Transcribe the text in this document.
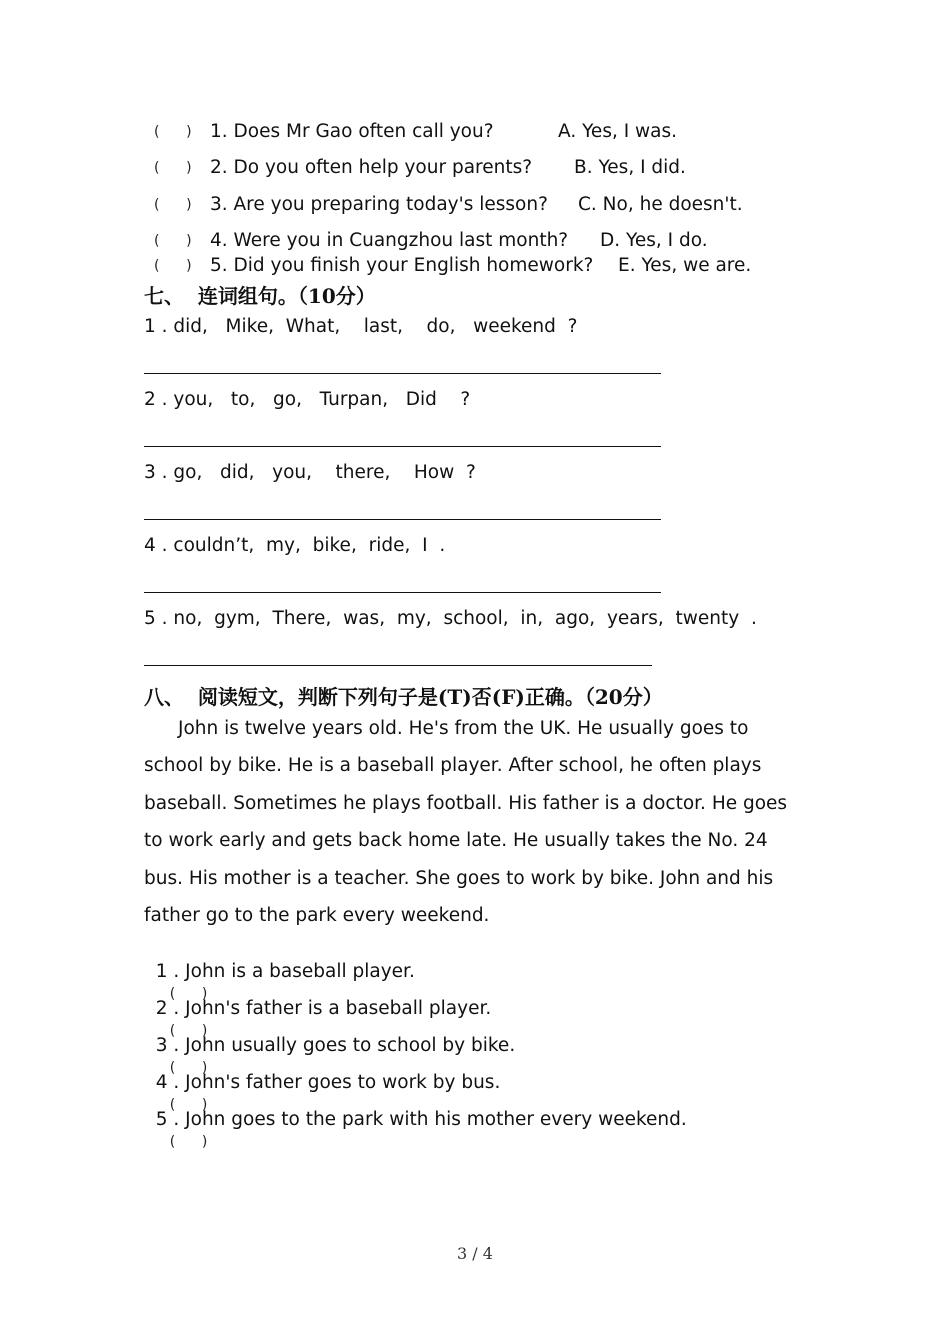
(      )

1. Does Mr Gao often call you?

	A. Yes, I was.

(      )

2. Do you often help your parents?

B. Yes, I did.

(      )

3. Are you preparing today's lesson?

C. No, he doesn't.

(      )

4. Were you in Cuangzhou last month?

D. Yes, I do.

(      )

5. Did you finish your English homework?

E. Yes, we are.

七、  连词组句。（10分）
1 . did,   Mike,  What,    last,    do,   weekend  ?
2 . you,   to,   go,   Turpan,   Did    ?
3 . go,   did,   you,    there,    How  ?
4 . couldn’t,  my,  bike,  ride,  I  .
5 . no,  gym,  There,  was,  my,  school,  in,  ago,  years,  twenty  .
八、  阅读短文，判断下列句子是(T)否(F)正确。（20分）
John is twelve years old. He's from the UK. He usually goes to school by bike. He is a baseball player. After school, he often plays baseball. Sometimes he plays football. His father is a doctor. He goes to work early and gets back home late. He usually takes the No. 24 bus. His mother is a teacher. She goes to work by bike. John and his father go to the park every weekend.

1 . John is a baseball player.
(      )

2 . John's father is a baseball player.
(      )

3 . John usually goes to school by bike.
(      )

4 . John's father goes to work by bus.
(      )

5 . John goes to the park with his mother every weekend.
(      )

3 / 4
